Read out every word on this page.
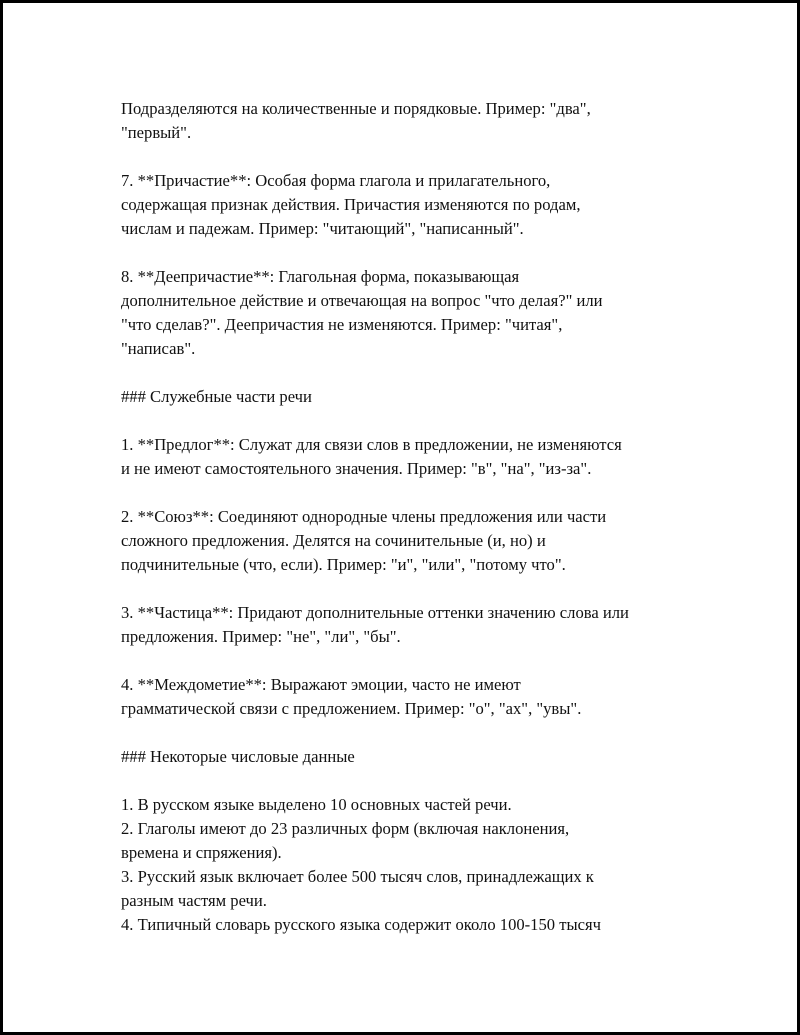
Подразделяются на количественные и порядковые. Пример: "два",
"первый".
7. **Причастие**: Особая форма глагола и прилагательного,
содержащая признак действия. Причастия изменяются по родам,
числам и падежам. Пример: "читающий", "написанный".
8. **Деепричастие**: Глагольная форма, показывающая
дополнительное действие и отвечающая на вопрос "что делая?" или
"что сделав?". Деепричастия не изменяются. Пример: "читая",
"написав".
### Служебные части речи
1. **Предлог**: Служат для связи слов в предложении, не изменяются
и не имеют самостоятельного значения. Пример: "в", "на", "из-за".
2. **Союз**: Соединяют однородные члены предложения или части
сложного предложения. Делятся на сочинительные (и, но) и
подчинительные (что, если). Пример: "и", "или", "потому что".
3. **Частица**: Придают дополнительные оттенки значению слова или
предложения. Пример: "не", "ли", "бы".
4. **Междометие**: Выражают эмоции, часто не имеют
грамматической связи с предложением. Пример: "о", "ах", "увы".
### Некоторые числовые данные
1. В русском языке выделено 10 основных частей речи.
2. Глаголы имеют до 23 различных форм (включая наклонения,
времена и спряжения).
3. Русский язык включает более 500 тысяч слов, принадлежащих к
разным частям речи.
4. Типичный словарь русского языка содержит около 100-150 тысяч
